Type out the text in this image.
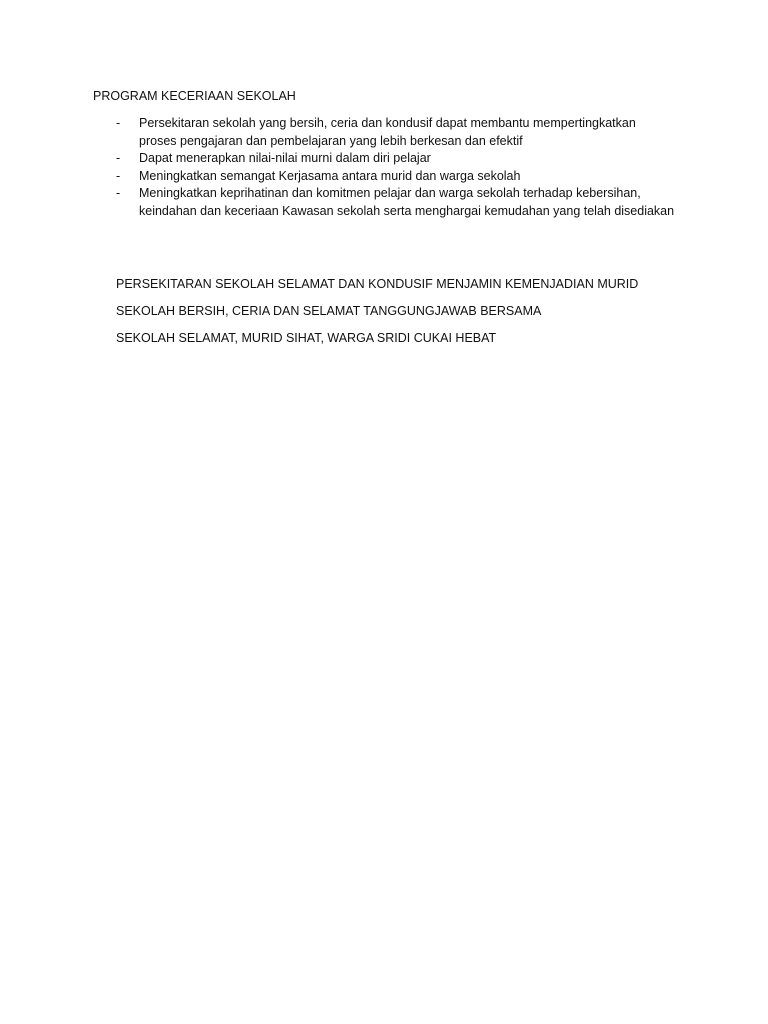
PROGRAM KECERIAAN SEKOLAH
- Persekitaran sekolah yang bersih, ceria dan kondusif dapat membantu mempertingkatkan proses pengajaran dan pembelajaran yang lebih berkesan dan efektif
- Dapat menerapkan nilai-nilai murni dalam diri pelajar
- Meningkatkan semangat Kerjasama antara murid dan warga sekolah
- Meningkatkan keprihatinan dan komitmen pelajar dan warga sekolah terhadap kebersihan, keindahan dan keceriaan Kawasan sekolah serta menghargai kemudahan yang telah disediakan
PERSEKITARAN SEKOLAH SELAMAT DAN KONDUSIF MENJAMIN KEMENJADIAN MURID
SEKOLAH BERSIH, CERIA DAN SELAMAT TANGGUNGJAWAB BERSAMA
SEKOLAH SELAMAT, MURID SIHAT, WARGA SRIDI CUKAI HEBAT
